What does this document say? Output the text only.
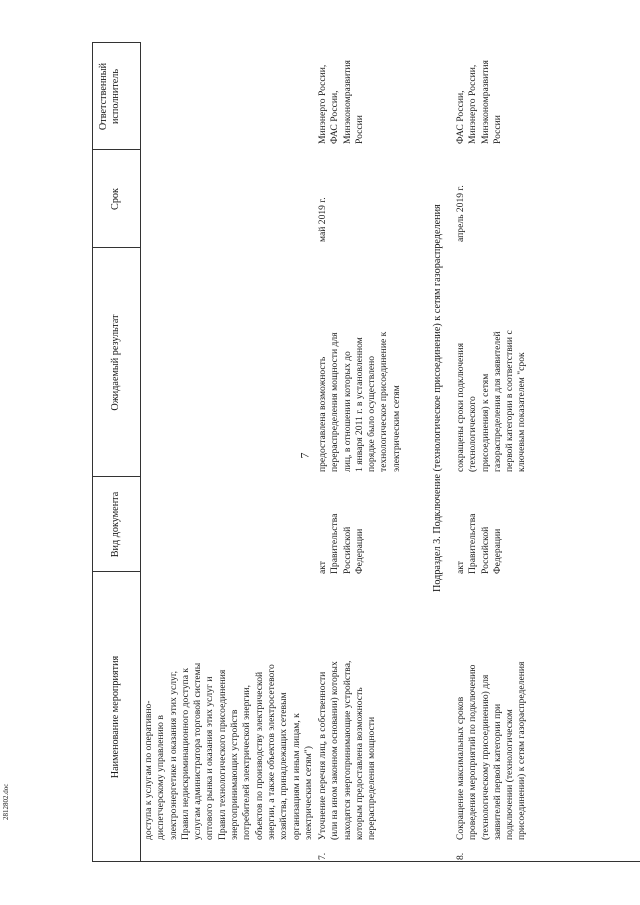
7
2812802.doc
Наименование мероприятия
Вид документа
Ожидаемый результат
Срок
Ответственный
исполнитель
доступа к услугам по оперативно-
диспетчерскому управлению в
электроэнергетике и оказания этих услуг,
Правил недискриминационного доступа к
услугам администратора торговой системы
оптового рынка и оказания этих услуг и
Правил технологического присоединения
энергопринимающих устройств
потребителей электрической энергии,
объектов по производству электрической
энергии, а также объектов электросетевого
хозяйства, принадлежащих сетевым
организациям и иным лицам, к
электрическим сетям")
7.
Уточнение перечня лиц, в собственности
(или на ином законном основании) которых
находятся энергопринимающие устройства,
которым предоставлена возможность
перераспределения мощности
акт
Правительства
Российской
Федерации
предоставлена возможность
перераспределения мощности для
лиц, в отношении которых до
1 января 2011 г. в установленном
порядке было осуществлено
технологическое присоединение к
электрическим сетям
май 2019 г.
Минэнерго России,
ФАС России,
Минэкономразвития
России
Подраздел 3. Подключение (технологическое присоединение) к сетям газораспределения
8.
Сокращение максимальных сроков
проведения мероприятий по подключению
(технологическому присоединению) для
заявителей первой категории при
подключении (технологическом
присоединении) к сетям газораспределения
акт
Правительства
Российской
Федерации
сокращены сроки подключения
(технологического
присоединения) к сетям
газораспределения для заявителей
первой категории в соответствии с
ключевым показателем "срок
апрель 2019 г.
ФАС России,
Минэнерго России,
Минэкономразвития
России
